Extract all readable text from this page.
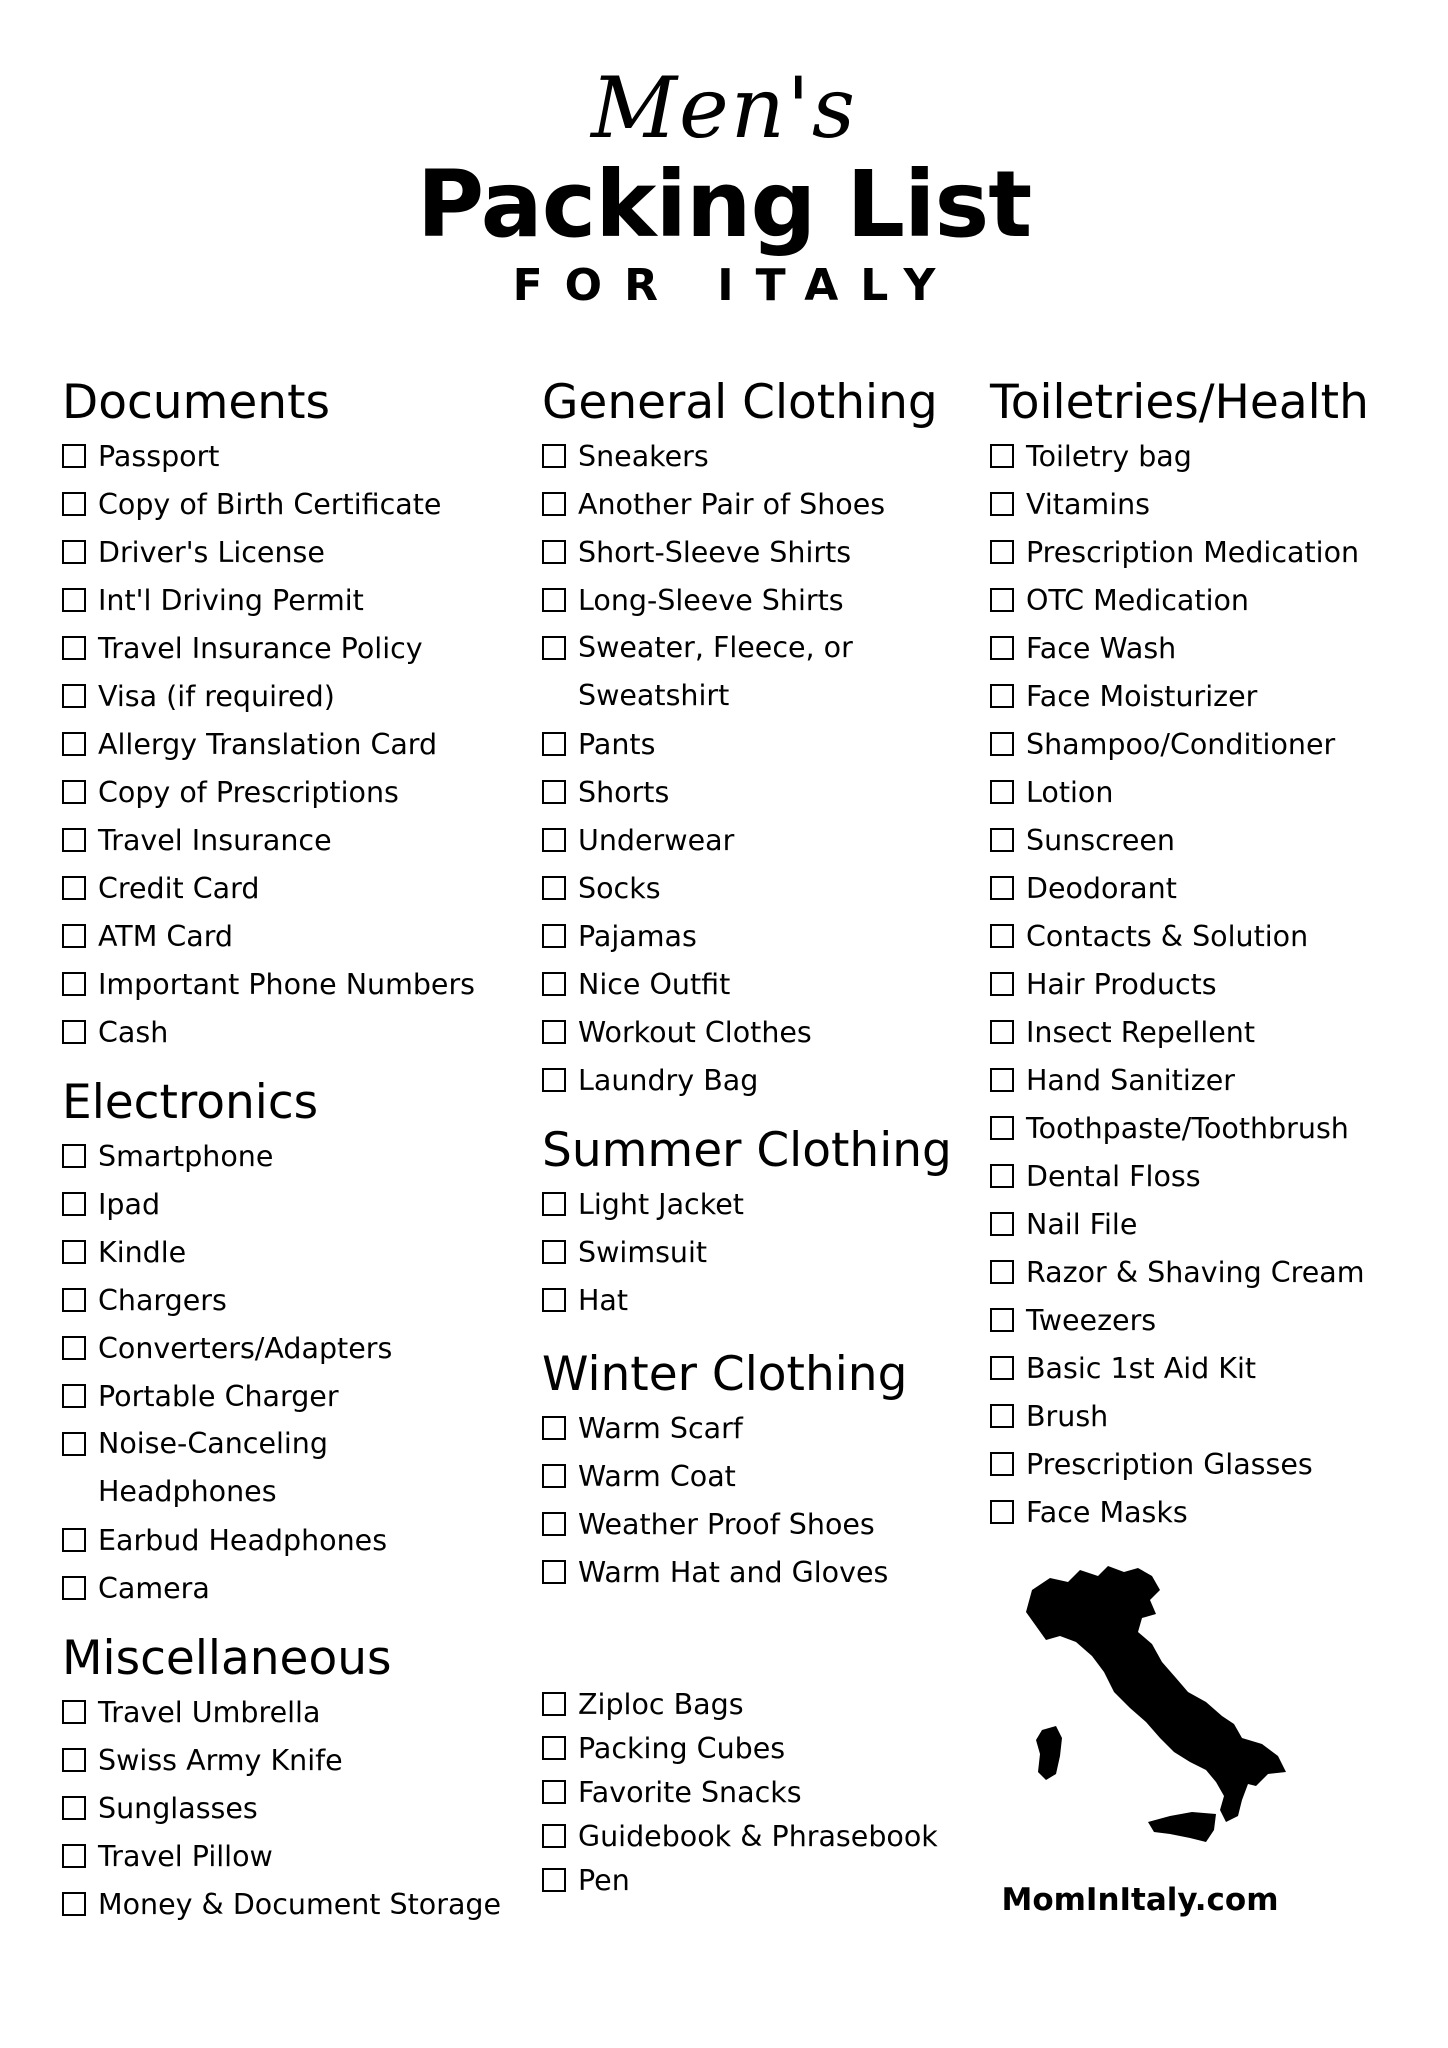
Men's
Packing List
FOR ITALY
Documents
Passport
Copy of Birth Certificate
Driver's License
Int'l Driving Permit
Travel Insurance Policy
Visa (if required)
Allergy Translation Card
Copy of Prescriptions
Travel Insurance
Credit Card
ATM Card
Important Phone Numbers
Cash
Electronics
Smartphone
Ipad
Kindle
Chargers
Converters/Adapters
Portable Charger
Noise-Canceling Headphones
Earbud Headphones
Camera
Miscellaneous
Travel Umbrella
Swiss Army Knife
Sunglasses
Travel Pillow
Money & Document Storage
General Clothing
Sneakers
Another Pair of Shoes
Short-Sleeve Shirts
Long-Sleeve Shirts
Sweater, Fleece, or Sweatshirt
Pants
Shorts
Underwear
Socks
Pajamas
Nice Outfit
Workout Clothes
Laundry Bag
Summer Clothing
Light Jacket
Swimsuit
Hat
Winter Clothing
Warm Scarf
Warm Coat
Weather Proof Shoes
Warm Hat and Gloves
Ziploc Bags
Packing Cubes
Favorite Snacks
Guidebook & Phrasebook
Pen
Toiletries/Health
Toiletry bag
Vitamins
Prescription Medication
OTC Medication
Face Wash
Face Moisturizer
Shampoo/Conditioner
Lotion
Sunscreen
Deodorant
Contacts & Solution
Hair Products
Insect Repellent
Hand Sanitizer
Toothpaste/Toothbrush
Dental Floss
Nail File
Razor & Shaving Cream
Tweezers
Basic 1st Aid Kit
Brush
Prescription Glasses
Face Masks
MomInItaly.com
